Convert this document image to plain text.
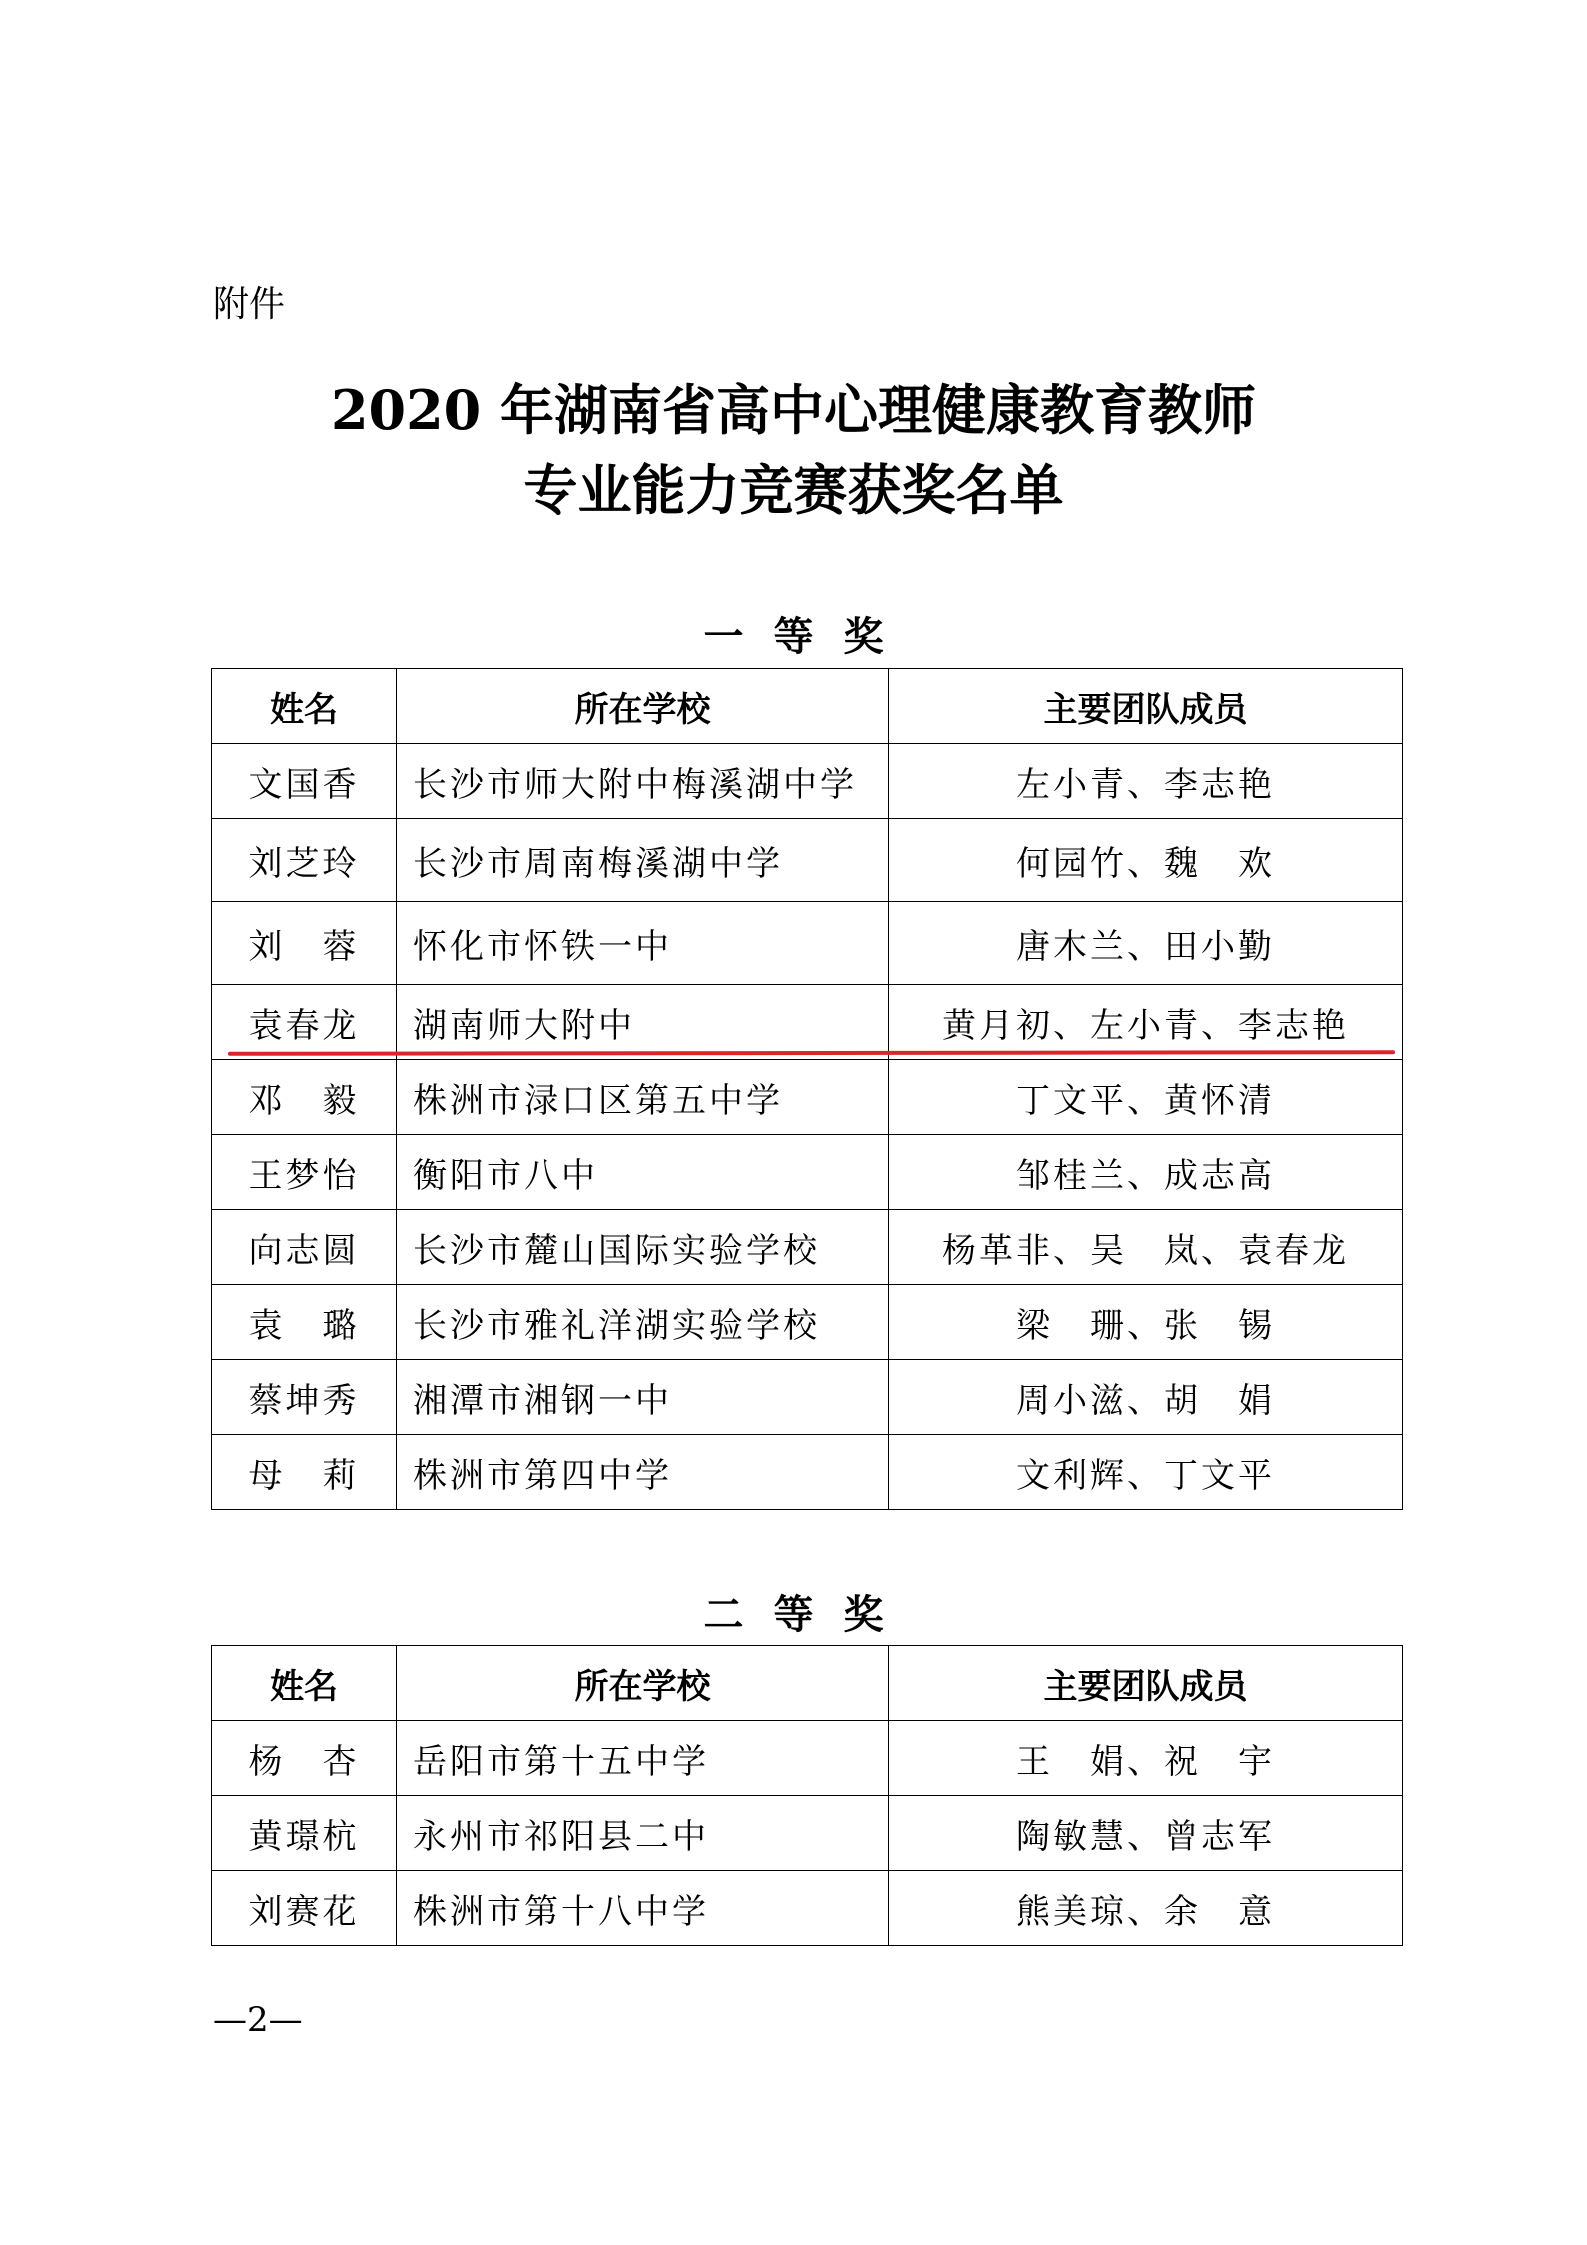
附件
2020 年湖南省高中心理健康教育教师
专业能力竞赛获奖名单
一等奖
姓名	所在学校	主要团队成员
文国香	长沙市师大附中梅溪湖中学	左小青、李志艳
刘芝玲	长沙市周南梅溪湖中学	何园竹、魏　欢
刘　蓉	怀化市怀铁一中	唐木兰、田小勤
袁春龙	湖南师大附中	黄月初、左小青、李志艳
邓　毅	株洲市渌口区第五中学	丁文平、黄怀清
王梦怡	衡阳市八中	邹桂兰、成志高
向志圆	长沙市麓山国际实验学校	杨革非、吴　岚、袁春龙
袁　璐	长沙市雅礼洋湖实验学校	梁　珊、张　锡
蔡坤秀	湘潭市湘钢一中	周小滋、胡　娟
母　莉	株洲市第四中学	文利辉、丁文平
二等奖
姓名	所在学校	主要团队成员
杨　杏	岳阳市第十五中学	王　娟、祝　宇
黄璟杭	永州市祁阳县二中	陶敏慧、曾志军
刘赛花	株洲市第十八中学	熊美琼、余　意
—2—
